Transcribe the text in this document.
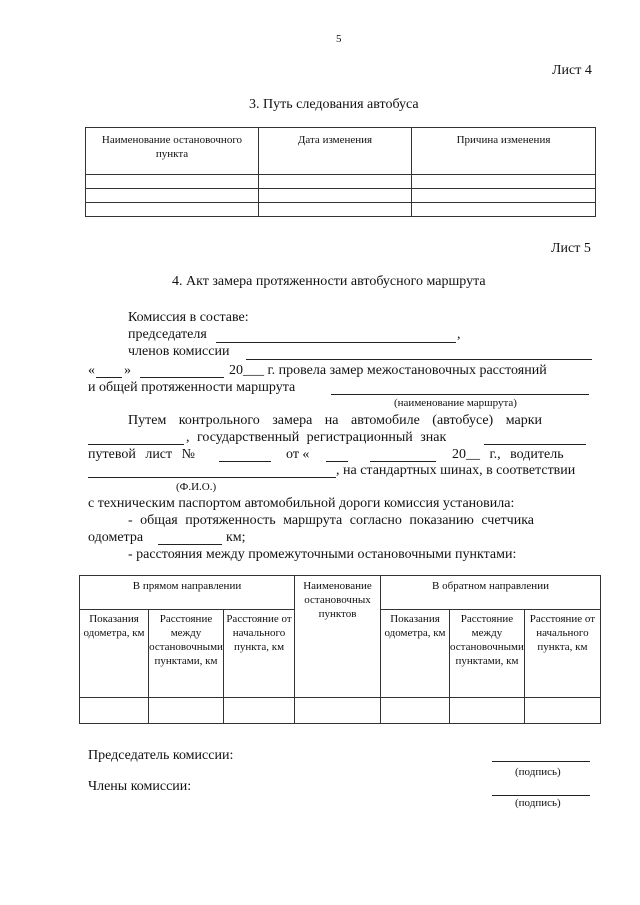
5
Лист 4
3. Путь следования автобуса
Наименование остановочного пункта	Дата изменения	Причина изменения

Лист 5
4. Акт замера протяженности автобусного маршрута
Комиссия в составе:
председателя	,
членов комиссии
« »	20___ г. провела замер межостановочных расстояний
и общей протяженности маршрута
(наименование маршрута)
Путем контрольного замера на автомобиле (автобусе) марки
, государственный регистрационный знак
путевой лист №	от «	20__ г., водитель
, на стандартных шинах, в соответствии
(Ф.И.О.)
с техническим паспортом автомобильной дороги комиссия установила:
- общая протяженность маршрута согласно показанию счетчика
одометра	км;
- расстояния между промежуточными остановочными пунктами:
В прямом направлении			Наименование остановочных пунктов	В обратном направлении		
Показания одометра, км	Расстояние между остановочными пунктами, км	Расстояние от начального пункта, км		Показания одометра, км	Расстояние между остановочными пунктами, км	Расстояние от начального пункта, км

Председатель комиссии:
(подпись)
Члены комиссии:
(подпись)
